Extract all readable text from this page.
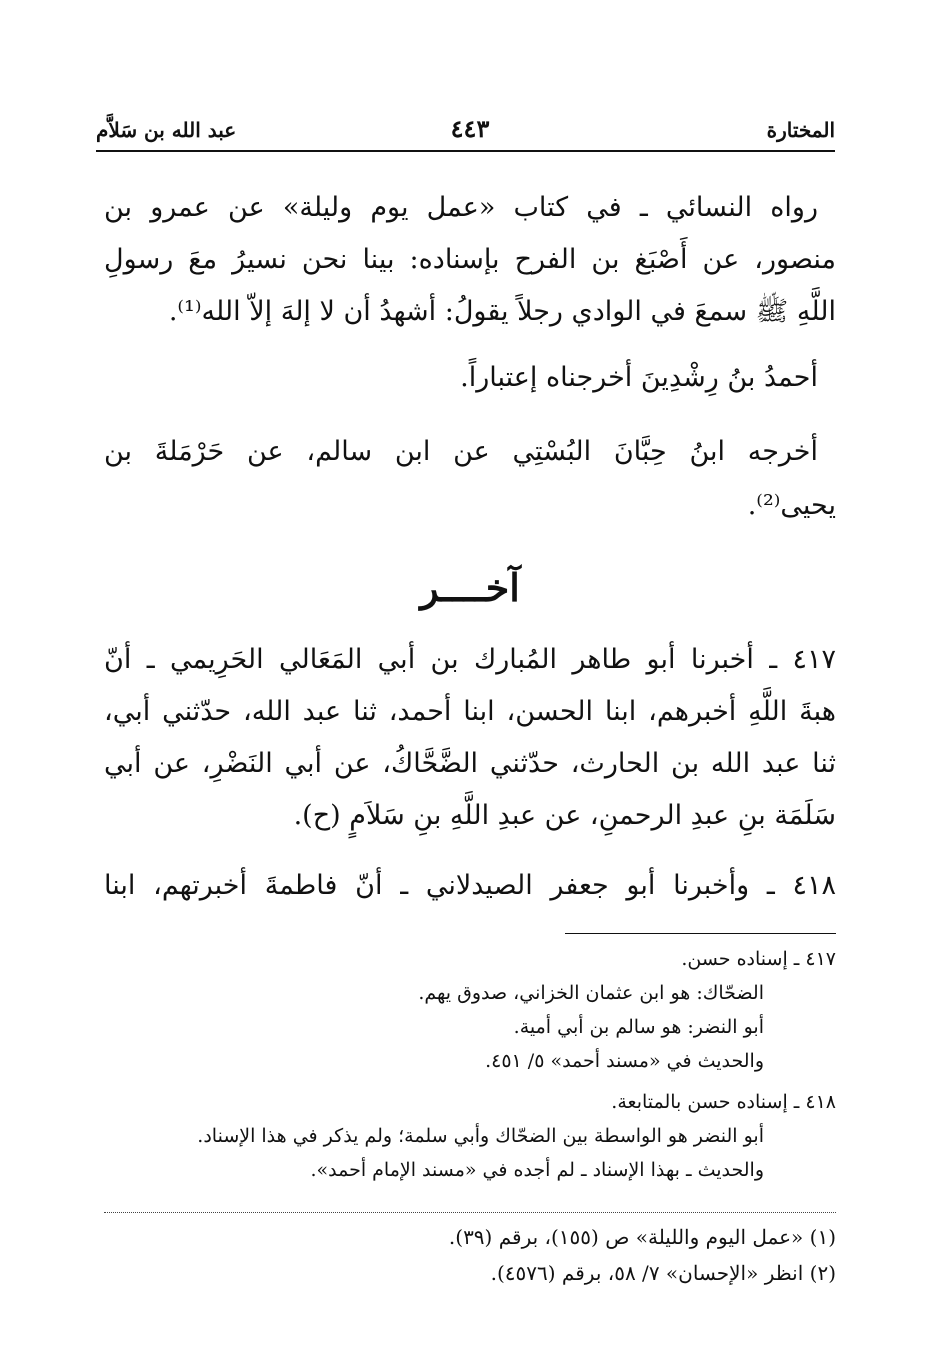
المختارة
٤٤٣
عبد الله بن سَلاَّم
رواه النسائي ـ في كتاب «عمل يوم وليلة» عن عمرو بن
منصور، عن أَصْبَغ بن الفرح بإسناده: بينا نحن نسيرُ معَ رسولِ
اللَّهِ ﷺ سمعَ في الوادي رجلاً يقولُ: أشهدُ أن لا إلهَ إلاّ الله⁽¹⁾.
أحمدُ بنُ رِشْدِينَ أخرجناه إعتباراً.
أخرجه ابنُ حِبَّانَ البُسْتِي عن ابن سالم، عن حَرْمَلةَ بن
يحيى⁽²⁾.
آخــــر
٤١٧ ـ أخبرنا أبو طاهر المُبارك بن أبي المَعَالي الحَرِيمي ـ أنّ
هبةَ اللَّهِ أخبرهم، ابنا الحسن، ابنا أحمد، ثنا عبد الله، حدّثني أبي،
ثنا عبد الله بن الحارث، حدّثني الضَّحَّاكُ، عن أبي النَضْرِ، عن أبي
سَلَمَة بنِ عبدِ الرحمنِ، عن عبدِ اللَّهِ بنِ سَلاَمٍ (ح).
٤١٨ ـ وأخبرنا أبو جعفر الصيدلاني ـ أنّ فاطمةَ أخبرتهم، ابنا
٤١٧ ـ إسناده حسن.
الضحّاك: هو ابن عثمان الخزاني، صدوق يهم.
أبو النضر: هو سالم بن أبي أمية.
والحديث في «مسند أحمد» ٥/ ٤٥١.
٤١٨ ـ إسناده حسن بالمتابعة.
أبو النضر هو الواسطة بين الضحّاك وأبي سلمة؛ ولم يذكر في هذا الإسناد.
والحديث ـ بهذا الإسناد ـ لم أجده في «مسند الإمام أحمد».
(١) «عمل اليوم والليلة» ص (١٥٥)، برقم (٣٩).
(٢) انظر «الإحسان» ٧/ ٥٨، برقم (٤٥٧٦).
